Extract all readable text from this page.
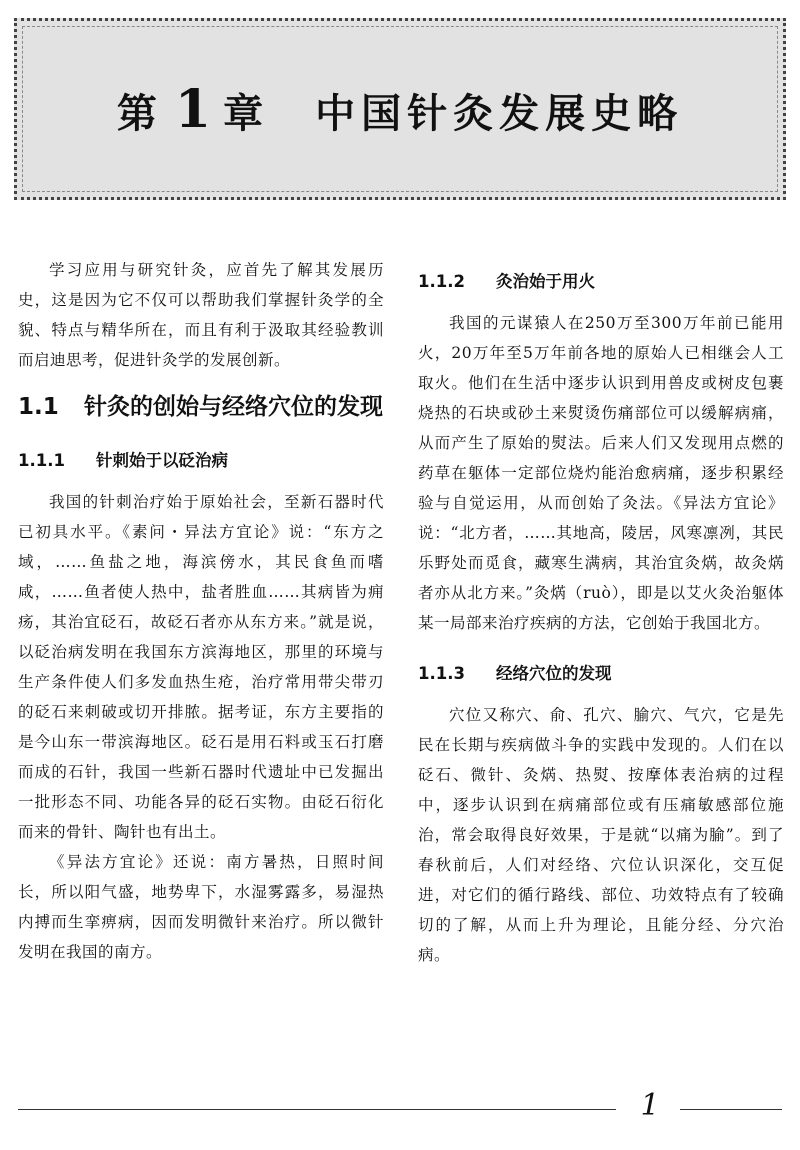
第 1 章 中国针灸发展史略

学习应用与研究针灸，应首先了解其发展历史，这是因为它不仅可以帮助我们掌握针灸学的全貌、特点与精华所在，而且有利于汲取其经验教训而启迪思考，促进针灸学的发展创新。

1.1	针灸的创始与经络穴位的发现
1.1.1 针刺始于以砭治病

我国的针刺治疗始于原始社会，至新石器时代已初具水平。《素问・异法方宜论》说：“东方之域，……鱼盐之地，海滨傍水，其民食鱼而嗜咸，……鱼者使人热中，盐者胜血……其病皆为痈疡，其治宜砭石，故砭石者亦从东方来。”就是说，以砭治病发明在我国东方滨海地区，那里的环境与生产条件使人们多发血热生疮，治疗常用带尖带刃的砭石来刺破或切开排脓。据考证，东方主要指的是今山东一带滨海地区。砭石是用石料或玉石打磨而成的石针，我国一些新石器时代遗址中已发掘出一批形态不同、功能各异的砭石实物。由砭石衍化而来的骨针、陶针也有出土。

《异法方宜论》还说：南方暑热，日照时间长，所以阳气盛，地势卑下，水湿雾露多，易湿热内搏而生挛痹病，因而发明微针来治疗。所以微针发明在我国的南方。

1.1.2 灸治始于用火

我国的元谋猿人在250万至300万年前已能用火，20万年至5万年前各地的原始人已相继会人工取火。他们在生活中逐步认识到用兽皮或树皮包裹烧热的石块或砂土来熨烫伤痛部位可以缓解病痛，从而产生了原始的熨法。后来人们又发现用点燃的药草在躯体一定部位烧灼能治愈病痛，逐步积累经验与自觉运用，从而创始了灸法。《异法方宜论》说：“北方者，……其地高，陵居，风寒凛冽，其民乐野处而觅食，藏寒生满病，其治宜灸焫，故灸焫者亦从北方来。”灸焫（ruò），即是以艾火灸治躯体某一局部来治疗疾病的方法，它创始于我国北方。

1.1.3 经络穴位的发现

穴位又称穴、俞、孔穴、腧穴、气穴，它是先民在长期与疾病做斗争的实践中发现的。人们在以砭石、微针、灸焫、热熨、按摩体表治病的过程中，逐步认识到在病痛部位或有压痛敏感部位施治，常会取得良好效果，于是就“以痛为腧”。到了春秋前后，人们对经络、穴位认识深化，交互促进，对它们的循行路线、部位、功效特点有了较确切的了解，从而上升为理论，且能分经、分穴治病。

1
